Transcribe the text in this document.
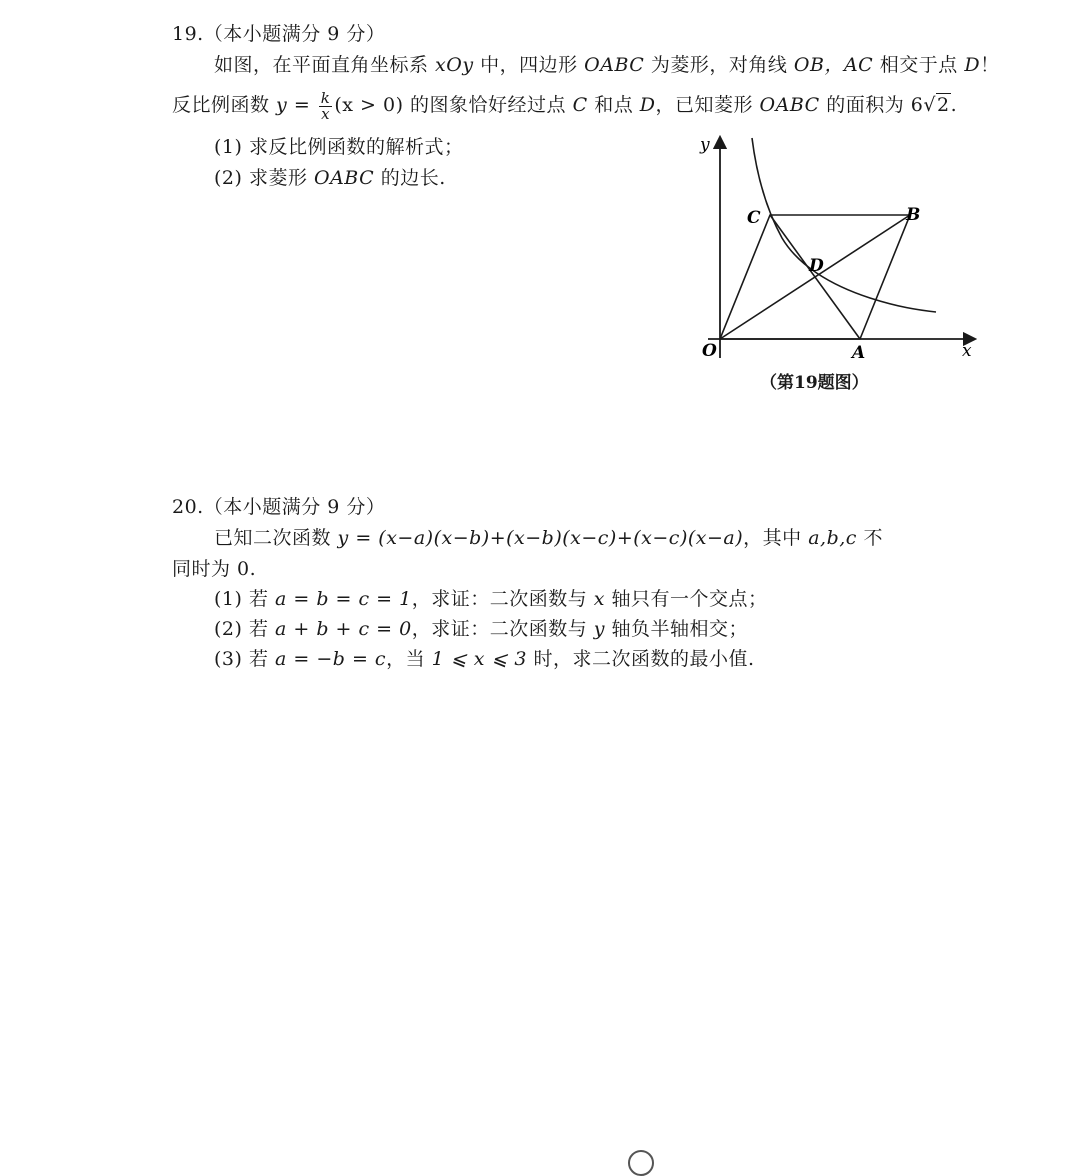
19.（本小题满分 9 分）
如图，在平面直角坐标系 xOy 中，四边形 OABC 为菱形，对角线 OB，AC 相交于点 D！
反比例函数 $y = \frac{k}{x} (x > 0)$ 的图象恰好经过点 C 和点 D，已知菱形 OABC 的面积为 6√2.
(1) 求反比例函数的解析式；
(2) 求菱形 OABC 的边长.
y
x
O	A
B
C
D
（第19题图）
20.（本小题满分 9 分）
已知二次函数 y = (x−a)(x−b)+(x−b)(x−c)+(x−c)(x−a)，其中 a,b,c 不
同时为 0.
(1) 若 a = b = c = 1，求证：二次函数与 x 轴只有一个交点；
(2) 若 a + b + c = 0，求证：二次函数与 y 轴负半轴相交；
(3) 若 a = −b = c，当 1 ⩽ x ⩽ 3 时，求二次函数的最小值.
